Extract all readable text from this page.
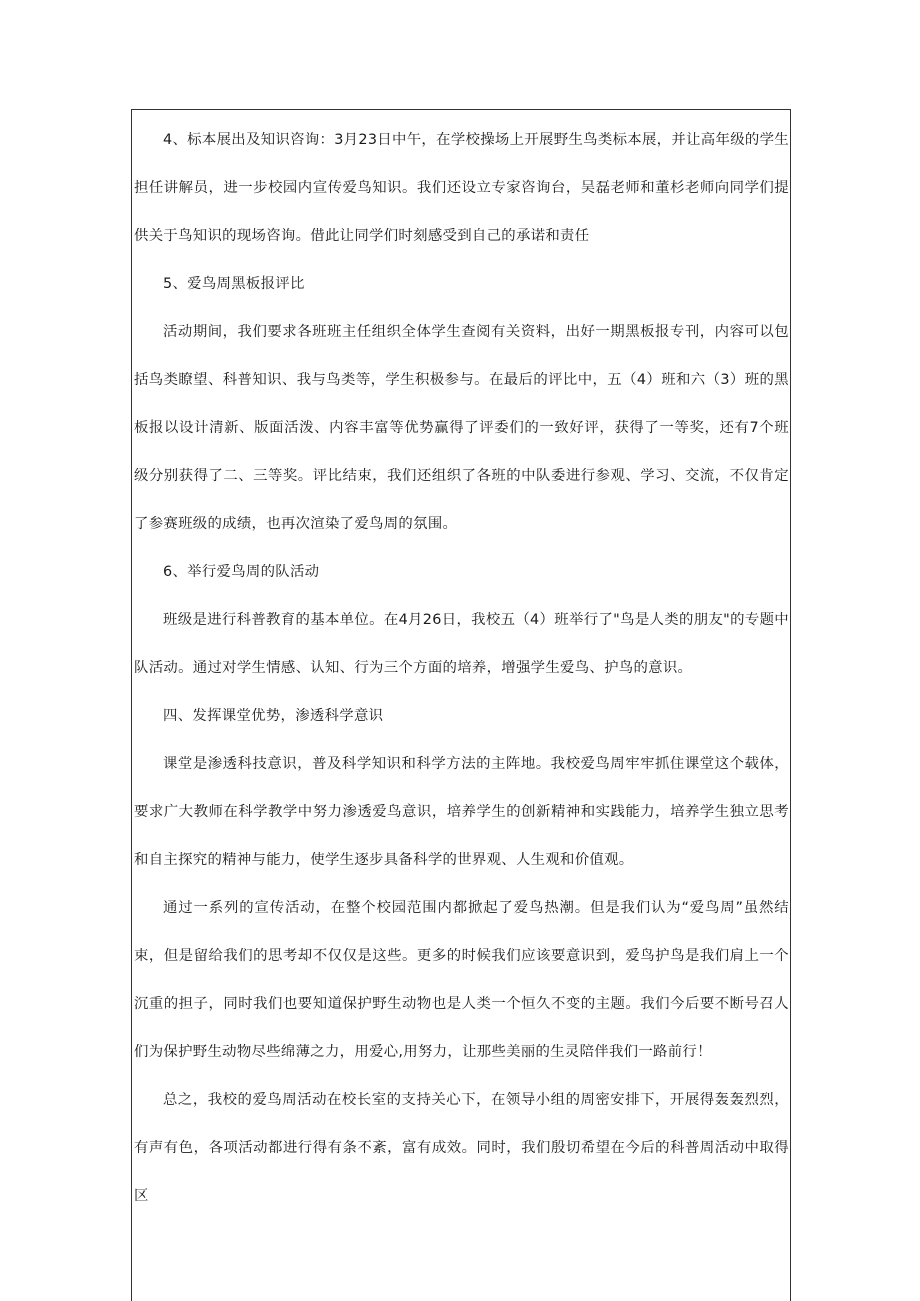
4、标本展出及知识咨询：3月23日中午，在学校操场上开展野生鸟类标本展，并让高年级的学生担任讲解员，进一步校园内宣传爱鸟知识。我们还设立专家咨询台，吴磊老师和董杉老师向同学们提供关于鸟知识的现场咨询。借此让同学们时刻感受到自己的承诺和责任

5、爱鸟周黑板报评比

活动期间，我们要求各班班主任组织全体学生查阅有关资料，出好一期黑板报专刊，内容可以包括鸟类瞭望、科普知识、我与鸟类等，学生积极参与。在最后的评比中，五（4）班和六（3）班的黑板报以设计清新、版面活泼、内容丰富等优势赢得了评委们的一致好评，获得了一等奖，还有7个班级分别获得了二、三等奖。评比结束，我们还组织了各班的中队委进行参观、学习、交流，不仅肯定了参赛班级的成绩，也再次渲染了爱鸟周的氛围。

6、举行爱鸟周的队活动

班级是进行科普教育的基本单位。在4月26日，我校五（4）班举行了"鸟是人类的朋友"的专题中队活动。通过对学生情感、认知、行为三个方面的培养，增强学生爱鸟、护鸟的意识。

四、发挥课堂优势，渗透科学意识

课堂是渗透科技意识，普及科学知识和科学方法的主阵地。我校爱鸟周牢牢抓住课堂这个载体，要求广大教师在科学教学中努力渗透爱鸟意识，培养学生的创新精神和实践能力，培养学生独立思考和自主探究的精神与能力，使学生逐步具备科学的世界观、人生观和价值观。

通过一系列的宣传活动，在整个校园范围内都掀起了爱鸟热潮。但是我们认为“爱鸟周”虽然结束，但是留给我们的思考却不仅仅是这些。更多的时候我们应该要意识到，爱鸟护鸟是我们肩上一个沉重的担子，同时我们也要知道保护野生动物也是人类一个恒久不变的主题。我们今后要不断号召人们为保护野生动物尽些绵薄之力，用爱心,用努力，让那些美丽的生灵陪伴我们一路前行！

总之，我校的爱鸟周活动在校长室的支持关心下，在领导小组的周密安排下，开展得轰轰烈烈，有声有色，各项活动都进行得有条不紊，富有成效。同时，我们殷切希望在今后的科普周活动中取得区
